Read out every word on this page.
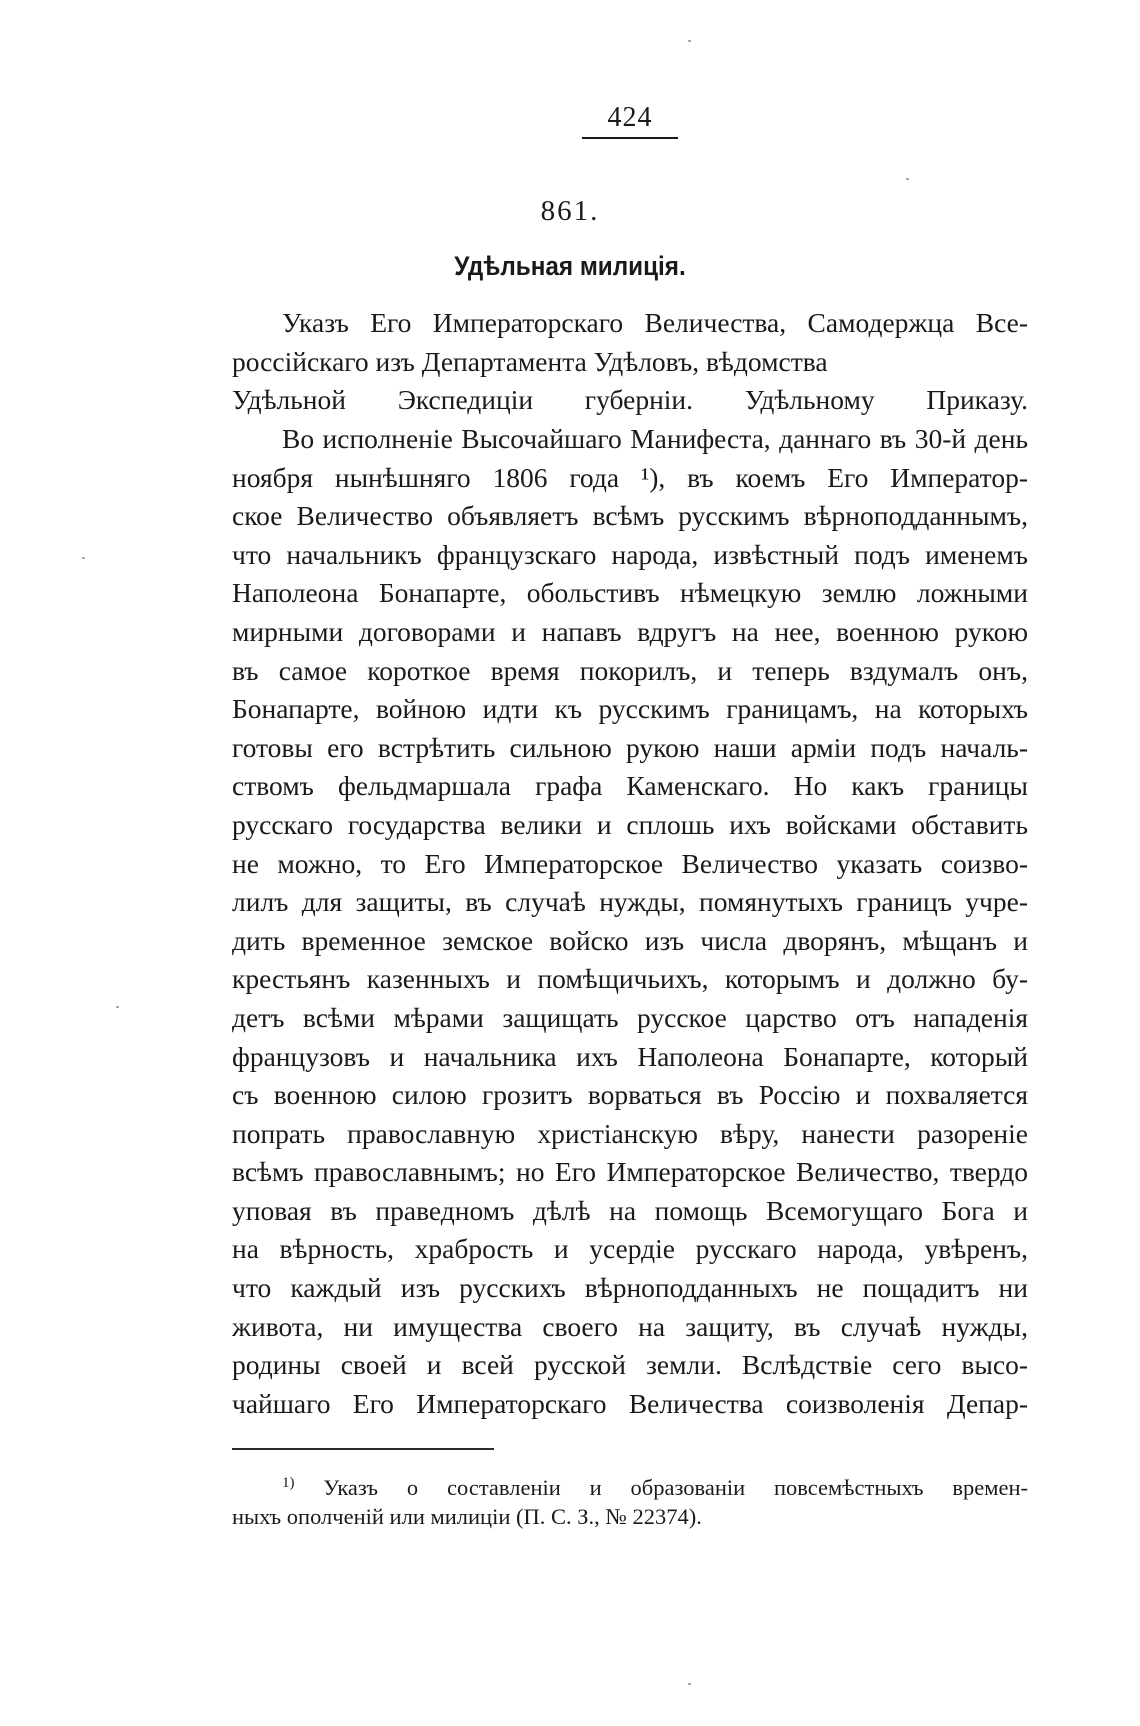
424
861.
Удѣльная милиція.
Указъ Его Императорскаго Величества, Самодержца Все-
россійскаго изъ Департамента Удѣловъ, вѣдомства
Удѣльной Экспедиціи губерніи. Удѣльному Приказу.
Во исполненіе Высочайшаго Манифеста, даннаго въ 30-й день
ноября нынѣшняго 1806 года ¹), въ коемъ Его Император-
ское Величество объявляетъ всѣмъ русскимъ вѣрноподданнымъ,
что начальникъ французскаго народа, извѣстный подъ именемъ
Наполеона Бонапарте, обольстивъ нѣмецкую землю ложными
мирными договорами и напавъ вдругъ на нее, военною рукою
въ самое короткое время покорилъ, и теперь вздумалъ онъ,
Бонапарте, войною идти къ русскимъ границамъ, на которыхъ
готовы его встрѣтить сильною рукою наши арміи подъ началь-
ствомъ фельдмаршала графа Каменскаго. Но какъ границы
русскаго государства велики и сплошь ихъ войсками обставить
не можно, то Его Императорское Величество указать соизво-
лилъ для защиты, въ случаѣ нужды, помянутыхъ границъ учре-
дить временное земское войско изъ числа дворянъ, мѣщанъ и
крестьянъ казенныхъ и помѣщичьихъ, которымъ и должно бу-
детъ всѣми мѣрами защищать русское царство отъ нападенія
французовъ и начальника ихъ Наполеона Бонапарте, который
съ военною силою грозитъ ворваться въ Россію и похваляется
попрать православную христіанскую вѣру, нанести разореніе
всѣмъ православнымъ; но Его Императорское Величество, твердо
уповая въ праведномъ дѣлѣ на помощь Всемогущаго Бога и
на вѣрность, храбрость и усердіе русскаго народа, увѣренъ,
что каждый изъ русскихъ вѣрноподданныхъ не пощадитъ ни
живота, ни имущества своего на защиту, въ случаѣ нужды,
родины своей и всей русской земли. Вслѣдствіе сего высо-
чайшаго Его Императорскаго Величества соизволенія Депар-
$^{1)}$ Указъ о составленіи и образованіи повсемѣстныхъ времен-
ныхъ ополченій или милиціи (П. С. З., № 22374).
